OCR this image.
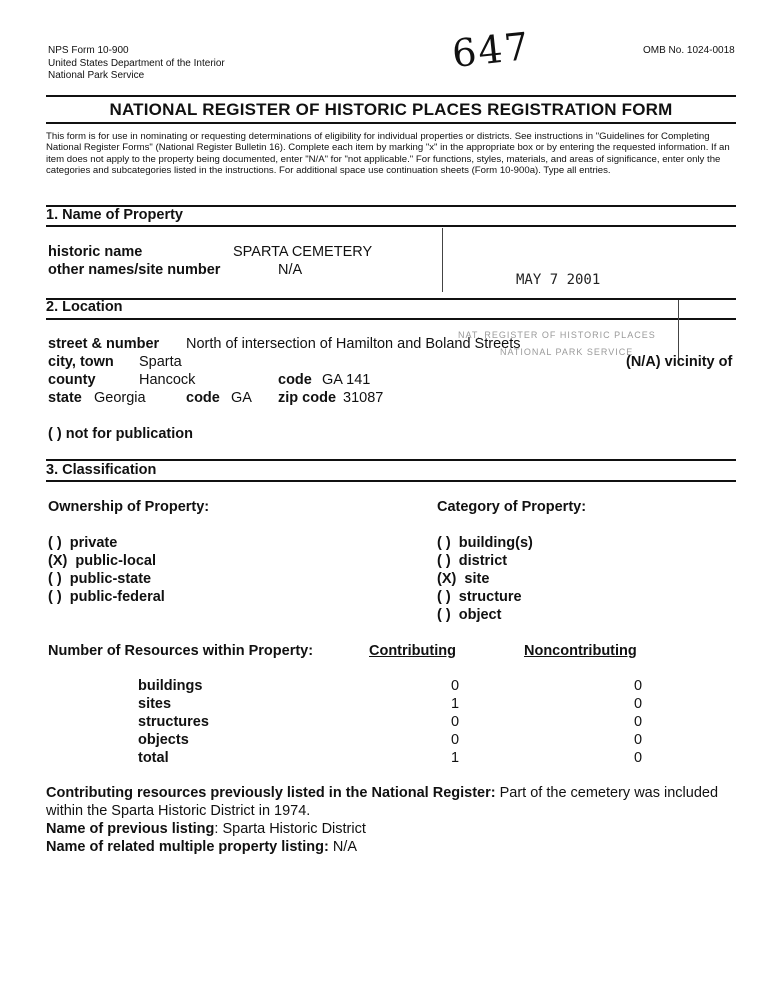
NPS Form 10-900
United States Department of the Interior
National Park Service
OMB No. 1024-0018
647
NATIONAL REGISTER OF HISTORIC PLACES REGISTRATION FORM
This form is for use in nominating or requesting determinations of eligibility for individual properties or districts. See instructions in "Guidelines for Completing National Register Forms" (National Register Bulletin 16). Complete each item by marking "x" in the appropriate box or by entering the requested information. If an item does not apply to the property being documented, enter "N/A" for "not applicable." For functions, styles, materials, and areas of significance, enter only the categories and subcategories listed in the instructions. For additional space use continuation sheets (Form 10-900a). Type all entries.
1. Name of Property
historic name	SPARTA CEMETERY
other names/site number	N/A
MAY 7 2001
2. Location
NAT. REGISTER OF HISTORIC PLACES
NATIONAL PARK SERVICE
street & number North of intersection of Hamilton and Boland Streets
city, town Sparta	(N/A) vicinity of
county	Hancock	code GA 141
state Georgia	code GA zip code 31087
( ) not for publication
3. Classification
Ownership of Property:	Category of Property:
( ) private
(X) public-local
( ) public-state
( ) public-federal
( ) building(s)
( ) district
(X) site
( ) structure
( ) object
Number of Resources within Property:	Contributing	Noncontributing
buildings	0	0
sites	1	0
structures	0	0
objects	0	0
total	1	0
Contributing resources previously listed in the National Register: Part of the cemetery was included within the Sparta Historic District in 1974.
Name of previous listing: Sparta Historic District
Name of related multiple property listing: N/A
